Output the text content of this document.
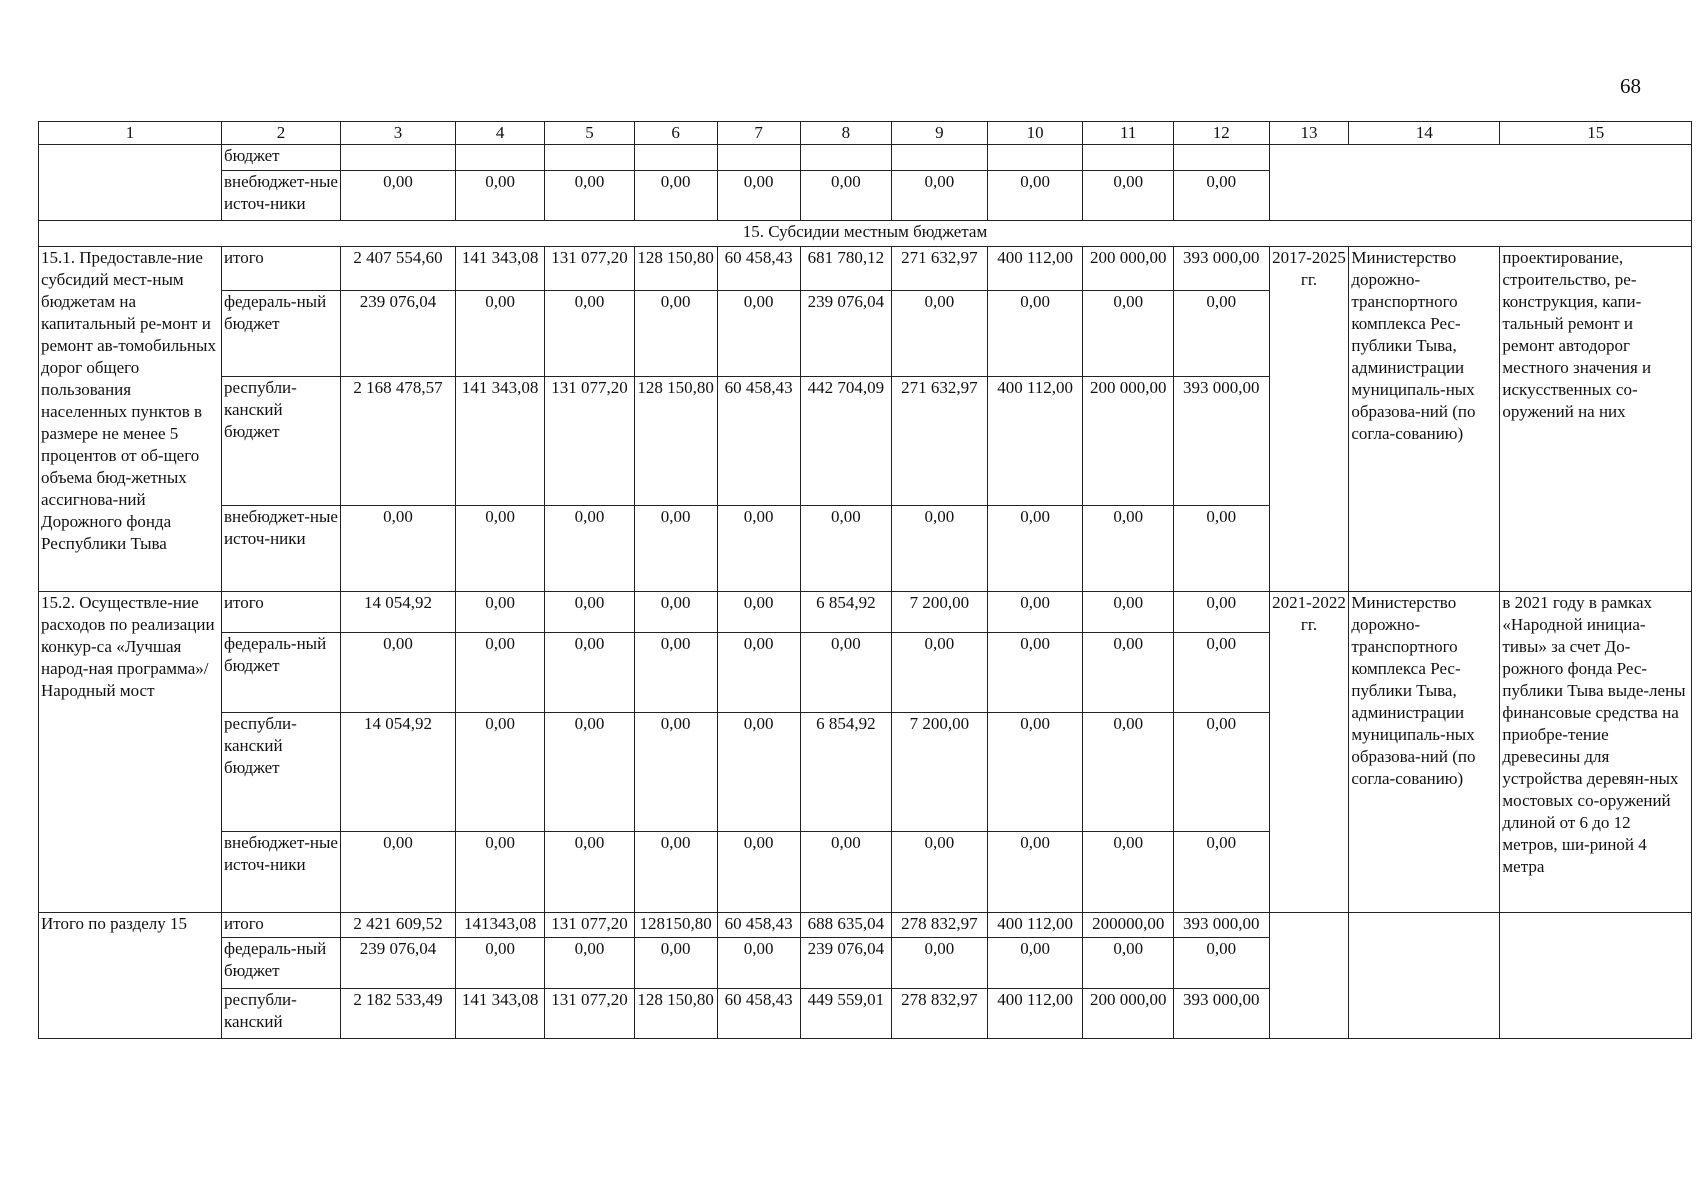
68
1	2	3	4	5	6	7	8	9	10	11	12	13	14	15
	бюджет													
	внебюджет-ные источ-ники	0,00	0,00	0,00	0,00	0,00	0,00	0,00	0,00	0,00	0,00			
15. Субсидии местным бюджетам														
15.1. Предоставле-ние субсидий мест-ным бюджетам на капитальный ре-монт и ремонт ав-томобильных дорог общего пользования населенных пунктов в размере не менее 5 процентов от об-щего объема бюд-жетных ассигнова-ний Дорожного фонда Республики Тыва	итого	2 407 554,60	141 343,08	131 077,20	128 150,80	60 458,43	681 780,12	271 632,97	400 112,00	200 000,00	393 000,00	2017-2025 гг.	Министерство дорожно-транспортного комплекса Рес-публики Тыва, администрации муниципаль-ных образова-ний (по согла-сованию)	проектирование, строительство, ре-конструкция, капи-тальный ремонт и ремонт автодорог местного значения и искусственных со-оружений на них
	федераль-ный бюджет	239 076,04	0,00	0,00	0,00	0,00	239 076,04	0,00	0,00	0,00	0,00			
	республи-канский бюджет	2 168 478,57	141 343,08	131 077,20	128 150,80	60 458,43	442 704,09	271 632,97	400 112,00	200 000,00	393 000,00			
	внебюджет-ные источ-ники	0,00	0,00	0,00	0,00	0,00	0,00	0,00	0,00	0,00	0,00			
15.2. Осуществле-ние расходов по реализации конкур-са «Лучшая народ-ная программа»/ Народный мост	итого	14 054,92	0,00	0,00	0,00	0,00	6 854,92	7 200,00	0,00	0,00	0,00	2021-2022 гг.	Министерство дорожно-транспортного комплекса Рес-публики Тыва, администрации муниципаль-ных образова-ний (по согла-сованию)	в 2021 году в рамках «Народной инициа-тивы» за счет До-рожного фонда Рес-публики Тыва выде-лены финансовые средства на приобре-тение древесины для устройства деревян-ных мостовых со-оружений длиной от 6 до 12 метров, ши-риной 4 метра
	федераль-ный бюджет	0,00	0,00	0,00	0,00	0,00	0,00	0,00	0,00	0,00	0,00			
	республи-канский бюджет	14 054,92	0,00	0,00	0,00	0,00	6 854,92	7 200,00	0,00	0,00	0,00			
	внебюджет-ные источ-ники	0,00	0,00	0,00	0,00	0,00	0,00	0,00	0,00	0,00	0,00			
Итого по разделу 15	итого	2 421 609,52	141343,08	131 077,20	128150,80	60 458,43	688 635,04	278 832,97	400 112,00	200000,00	393 000,00			
	федераль-ный бюджет	239 076,04	0,00	0,00	0,00	0,00	239 076,04	0,00	0,00	0,00	0,00			
	республи-канский	2 182 533,49	141 343,08	131 077,20	128 150,80	60 458,43	449 559,01	278 832,97	400 112,00	200 000,00	393 000,00			
